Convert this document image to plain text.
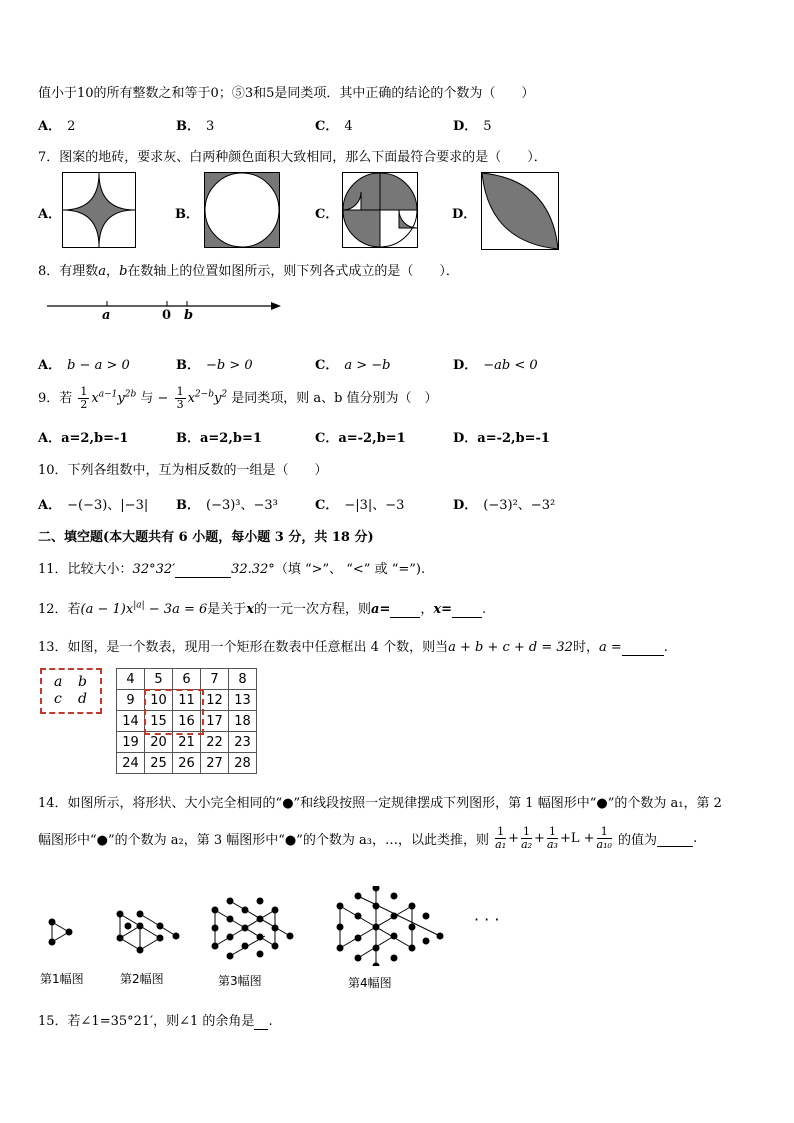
值小于10的所有整数之和等于0；⑤3和5是同类项．其中正确的结论的个数为（　　）
A． 2	B． 3	C． 4	D． 5
7．图案的地砖，要求灰、白两种颜色面积大致相同，那么下面最符合要求的是（　　）．
A．	B．	C．	D．
8．有理数a，b在数轴上的位置如图所示，则下列各式成立的是（　　）．
a	0 b
A． b − a > 0	B． −b > 0	C． a > −b	D． −ab < 0
9．若 $\frac{1}{2} x^{a-1}y^{2b}$ 与 − $\frac{1}{3} x^{2-b}y^2$ 是同类项，则 a、b 值分别为（　）
A．a=2,b=-1	B．a=2,b=1	C．a=-2,b=1	D．a=-2,b=-1
10．下列各组数中，互为相反数的一组是（　　）
A． −(−3)、|−3| B． (−3)³、−3³	C． −|3|、−3	D． (−3)²、−3²
二、填空题(本大题共有 6 小题，每小题 3 分，共 18 分)
11．比较大小：32°32′	32.32°（填 “>”、 “<” 或 “=”).
12．若$(a - 1)x^{|a|} - 3a = 6$是关于x的一元一次方程，则a= ，x= .
13．如图，是一个数表，现用一个矩形在数表中任意框出 4 个数，则当a + b + c + d = 32时，a =	.
a b
c d
4	5	6	7	8
9	10	11	12	13
14	15	16	17	18
19	20	21	22	23
24	25	26	27	28
14．如图所示，将形状、大小完全相同的“●”和线段按照一定规律摆成下列图形，第 1 幅图形中“●”的个数为 a₁，第 2
幅图形中“●”的个数为 a₂，第 3 幅图形中“●”的个数为 a₃，…，以此类推，则 $\frac{1}{\text{a₁}} + \frac{1}{\text{a₂}} + \frac{1}{\text{a₃}} +L + \frac{1}{\text{a₁₀}}$ 的值为	.
· · ·
第1幅图	第2幅图	第3幅图	第4幅图
15．若∠1=35°21′，则∠1 的余角是 .
